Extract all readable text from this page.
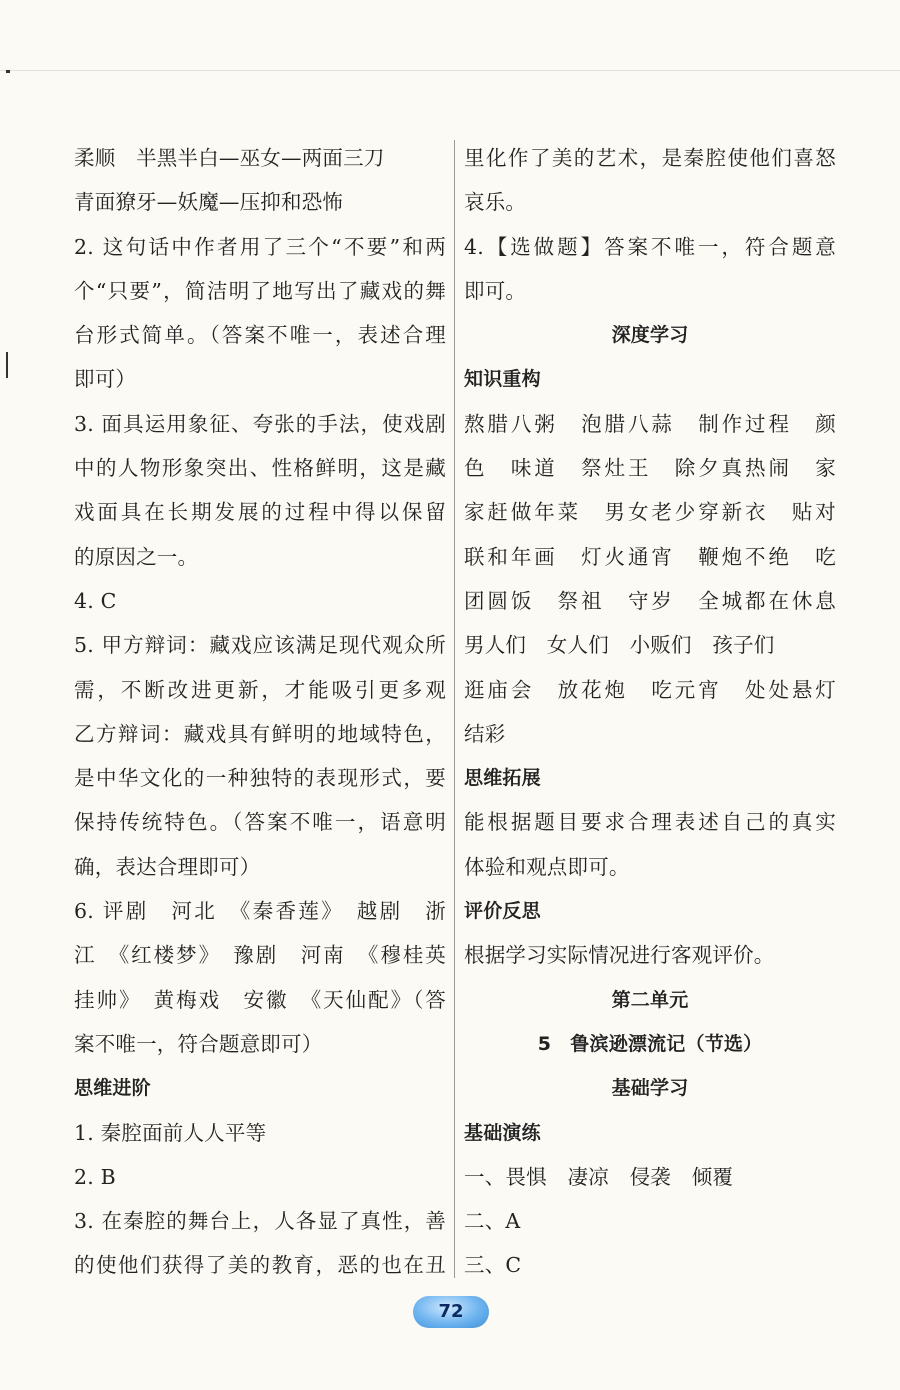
柔顺　半黑半白—巫女—两面三刀
青面獠牙—妖魔—压抑和恐怖
2. 这句话中作者用了三个“不要”和两
个“只要”，简洁明了地写出了藏戏的舞
台形式简单。（答案不唯一，表述合理
即可）
3. 面具运用象征、夸张的手法，使戏剧
中的人物形象突出、性格鲜明，这是藏
戏面具在长期发展的过程中得以保留
的原因之一。
4. C
5. 甲方辩词：藏戏应该满足现代观众所
需，不断改进更新，才能吸引更多观
乙方辩词：藏戏具有鲜明的地域特色，
是中华文化的一种独特的表现形式，要
保持传统特色。（答案不唯一，语意明
确，表达合理即可）
6. 评剧　河北　《秦香莲》　越剧　浙
江　《红楼梦》　豫剧　河南　《穆桂英
挂帅》　黄梅戏　安徽　《天仙配》（答
案不唯一，符合题意即可）
思维进阶
1. 秦腔面前人人平等
2. B
3. 在秦腔的舞台上，人各显了真性，善
的使他们获得了美的教育，恶的也在丑
里化作了美的艺术，是秦腔使他们喜怒
哀乐。
4.【选做题】答案不唯一，符合题意
即可。
深度学习
知识重构
熬腊八粥　泡腊八蒜　制作过程　颜
色　味道　祭灶王　除夕真热闹　家
家赶做年菜　男女老少穿新衣　贴对
联和年画　灯火通宵　鞭炮不绝　吃
团圆饭　祭祖　守岁　全城都在休息
男人们　女人们　小贩们　孩子们
逛庙会　放花炮　吃元宵　处处悬灯
结彩
思维拓展
能根据题目要求合理表述自己的真实
体验和观点即可。
评价反思
根据学习实际情况进行客观评价。
第二单元
5　鲁滨逊漂流记（节选）
基础学习
基础演练
一、畏惧　凄凉　侵袭　倾覆
二、A
三、C
72
